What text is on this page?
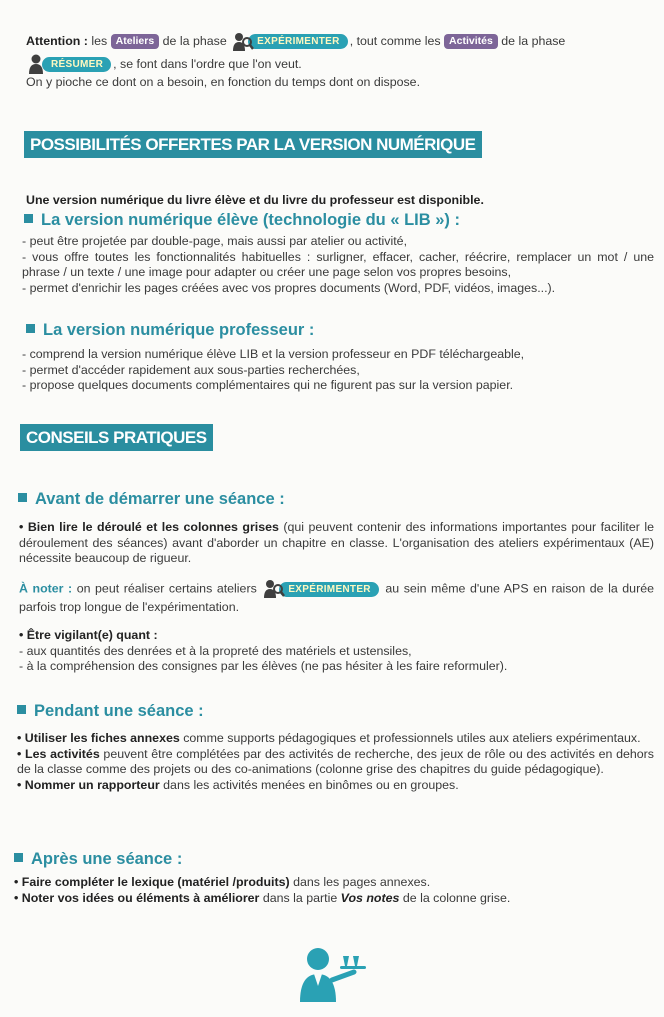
Attention : les Ateliers de la phase	EXPÉRIMENTER , tout comme les Activités de la phase

RÉSUMER , se font dans l'ordre que l'on veut.

On y pioche ce dont on a besoin, en fonction du temps dont on dispose.

POSSIBILITÉS OFFERTES PAR LA VERSION NUMÉRIQUE
Une version numérique du livre élève et du livre du professeur est disponible.
La version numérique élève (technologie du « LIB ») :

- peut être projetée par double-page, mais aussi par atelier ou activité,

- vous offre toutes les fonctionnalités habituelles : surligner, effacer, cacher, réécrire, remplacer un mot / une phrase / un texte / une image pour adapter ou créer une page selon vos propres besoins,

- permet d'enrichir les pages créées avec vos propres documents (Word, PDF, vidéos, images...).

La version numérique professeur :

- comprend la version numérique élève LIB et la version professeur en PDF téléchargeable,

- permet d'accéder rapidement aux sous-parties recherchées,

- propose quelques documents complémentaires qui ne figurent pas sur la version papier.

CONSEILS PRATIQUES
Avant de démarrer une séance :

• Bien lire le déroulé et les colonnes grises (qui peuvent contenir des informations importantes pour faciliter le déroulement des séances) avant d'aborder un chapitre en classe. L'organisation des ateliers expérimentaux (AE) nécessite beaucoup de rigueur.

À noter : on peut réaliser certains ateliers	EXPÉRIMENTER au sein même d'une APS en raison de la durée parfois trop longue de l'expérimentation.

• Être vigilant(e) quant :

- aux quantités des denrées et à la propreté des matériels et ustensiles,

- à la compréhension des consignes par les élèves (ne pas hésiter à les faire reformuler).

Pendant une séance :

• Utiliser les fiches annexes comme supports pédagogiques et professionnels utiles aux ateliers expérimentaux.

• Les activités peuvent être complétées par des activités de recherche, des jeux de rôle ou des activités en dehors de la classe comme des projets ou des co-animations (colonne grise des chapitres du guide pédagogique).

• Nommer un rapporteur dans les activités menées en binômes ou en groupes.

Après une séance :

• Faire compléter le lexique (matériel /produits) dans les pages annexes.

• Noter vos idées ou éléments à améliorer dans la partie Vos notes de la colonne grise.
